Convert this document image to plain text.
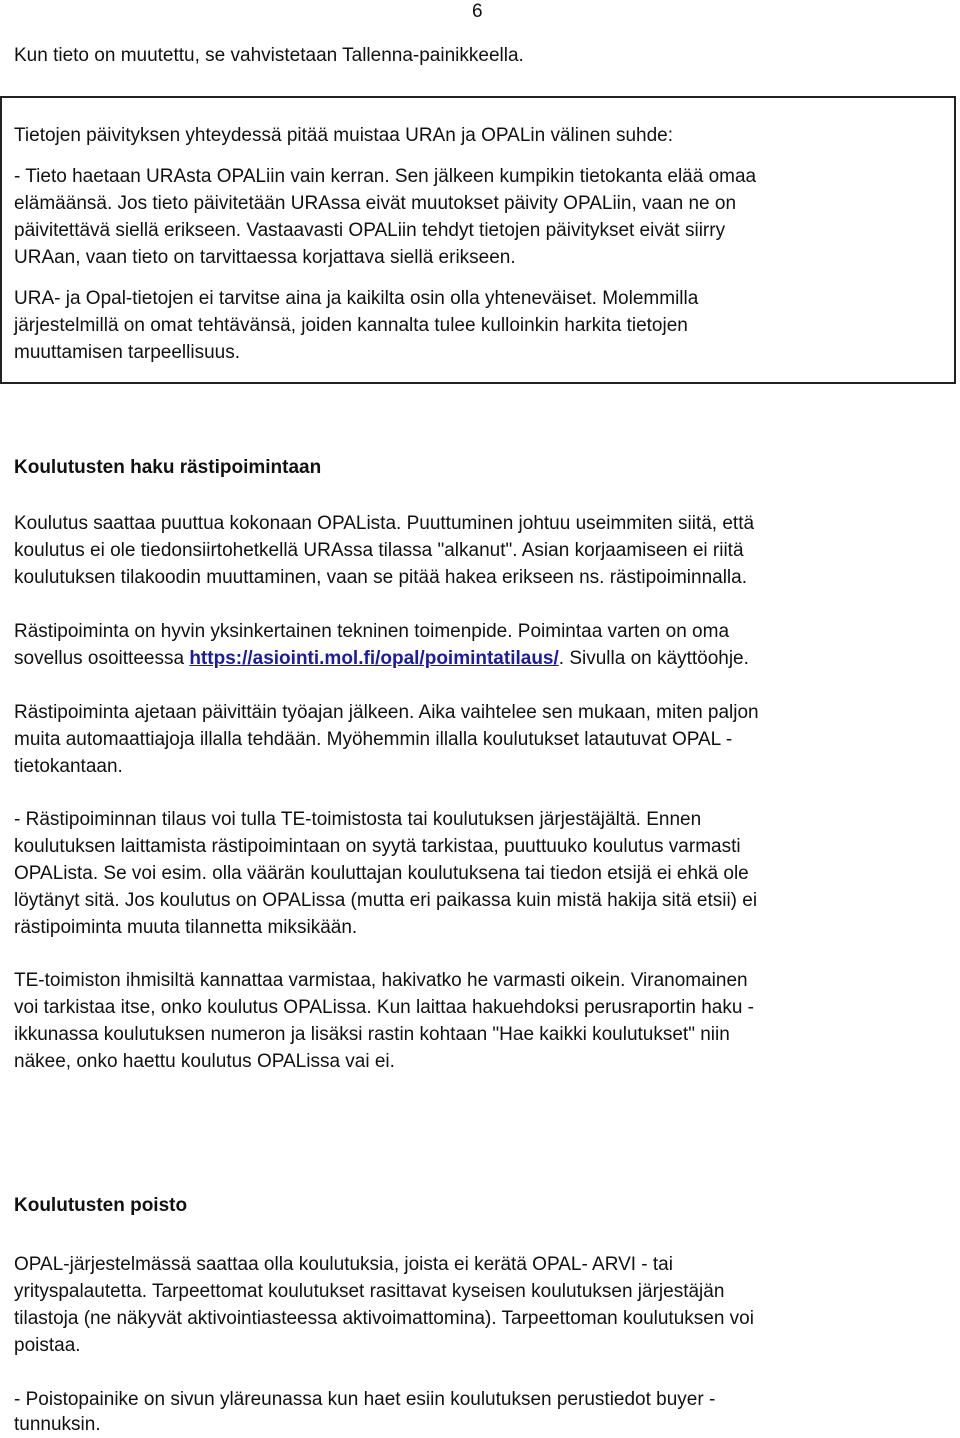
6
Kun tieto on muutettu, se vahvistetaan Tallenna-painikkeella.
Tietojen päivityksen yhteydessä pitää muistaa URAn ja OPALin välinen suhde:
- Tieto haetaan URAsta OPALiin vain kerran. Sen jälkeen kumpikin tietokanta elää omaa
elämäänsä. Jos tieto päivitetään URAssa eivät muutokset päivity OPALiin, vaan ne on
päivitettävä siellä erikseen. Vastaavasti OPALiin tehdyt tietojen päivitykset eivät siirry
URAan, vaan tieto on tarvittaessa korjattava siellä erikseen.
URA- ja Opal-tietojen ei tarvitse aina ja kaikilta osin olla yhteneväiset. Molemmilla
järjestelmillä on omat tehtävänsä, joiden kannalta tulee kulloinkin harkita tietojen
muuttamisen tarpeellisuus.
Koulutusten haku rästipoimintaan
Koulutus saattaa puuttua kokonaan OPALista. Puuttuminen johtuu useimmiten siitä, että
koulutus ei ole tiedonsiirtohetkellä URAssa tilassa "alkanut". Asian korjaamiseen ei riitä
koulutuksen tilakoodin muuttaminen, vaan se pitää hakea erikseen ns. rästipoiminnalla.
Rästipoiminta on hyvin yksinkertainen tekninen toimenpide. Poimintaa varten on oma
sovellus osoitteessa https://asiointi.mol.fi/opal/poimintatilaus/. Sivulla on käyttöohje.
Rästipoiminta ajetaan päivittäin työajan jälkeen. Aika vaihtelee sen mukaan, miten paljon
muita automaattiajoja illalla tehdään. Myöhemmin illalla koulutukset latautuvat OPAL -
tietokantaan.
- Rästipoiminnan tilaus voi tulla TE-toimistosta tai koulutuksen järjestäjältä. Ennen
koulutuksen laittamista rästipoimintaan on syytä tarkistaa, puuttuuko koulutus varmasti
OPALista. Se voi esim. olla väärän kouluttajan koulutuksena tai tiedon etsijä ei ehkä ole
löytänyt sitä. Jos koulutus on OPALissa (mutta eri paikassa kuin mistä hakija sitä etsii) ei
rästipoiminta muuta tilannetta miksikään.
TE-toimiston ihmisiltä kannattaa varmistaa, hakivatko he varmasti oikein. Viranomainen
voi tarkistaa itse, onko koulutus OPALissa. Kun laittaa hakuehdoksi perusraportin haku -
ikkunassa koulutuksen numeron ja lisäksi rastin kohtaan "Hae kaikki koulutukset" niin
näkee, onko haettu koulutus OPALissa vai ei.
Koulutusten poisto
OPAL-järjestelmässä saattaa olla koulutuksia, joista ei kerätä OPAL- ARVI - tai
yrityspalautetta. Tarpeettomat koulutukset rasittavat kyseisen koulutuksen järjestäjän
tilastoja (ne näkyvät aktivointiasteessa aktivoimattomina). Tarpeettoman koulutuksen voi
poistaa.
- Poistopainike on sivun yläreunassa kun haet esiin koulutuksen perustiedot buyer -
tunnuksin.
